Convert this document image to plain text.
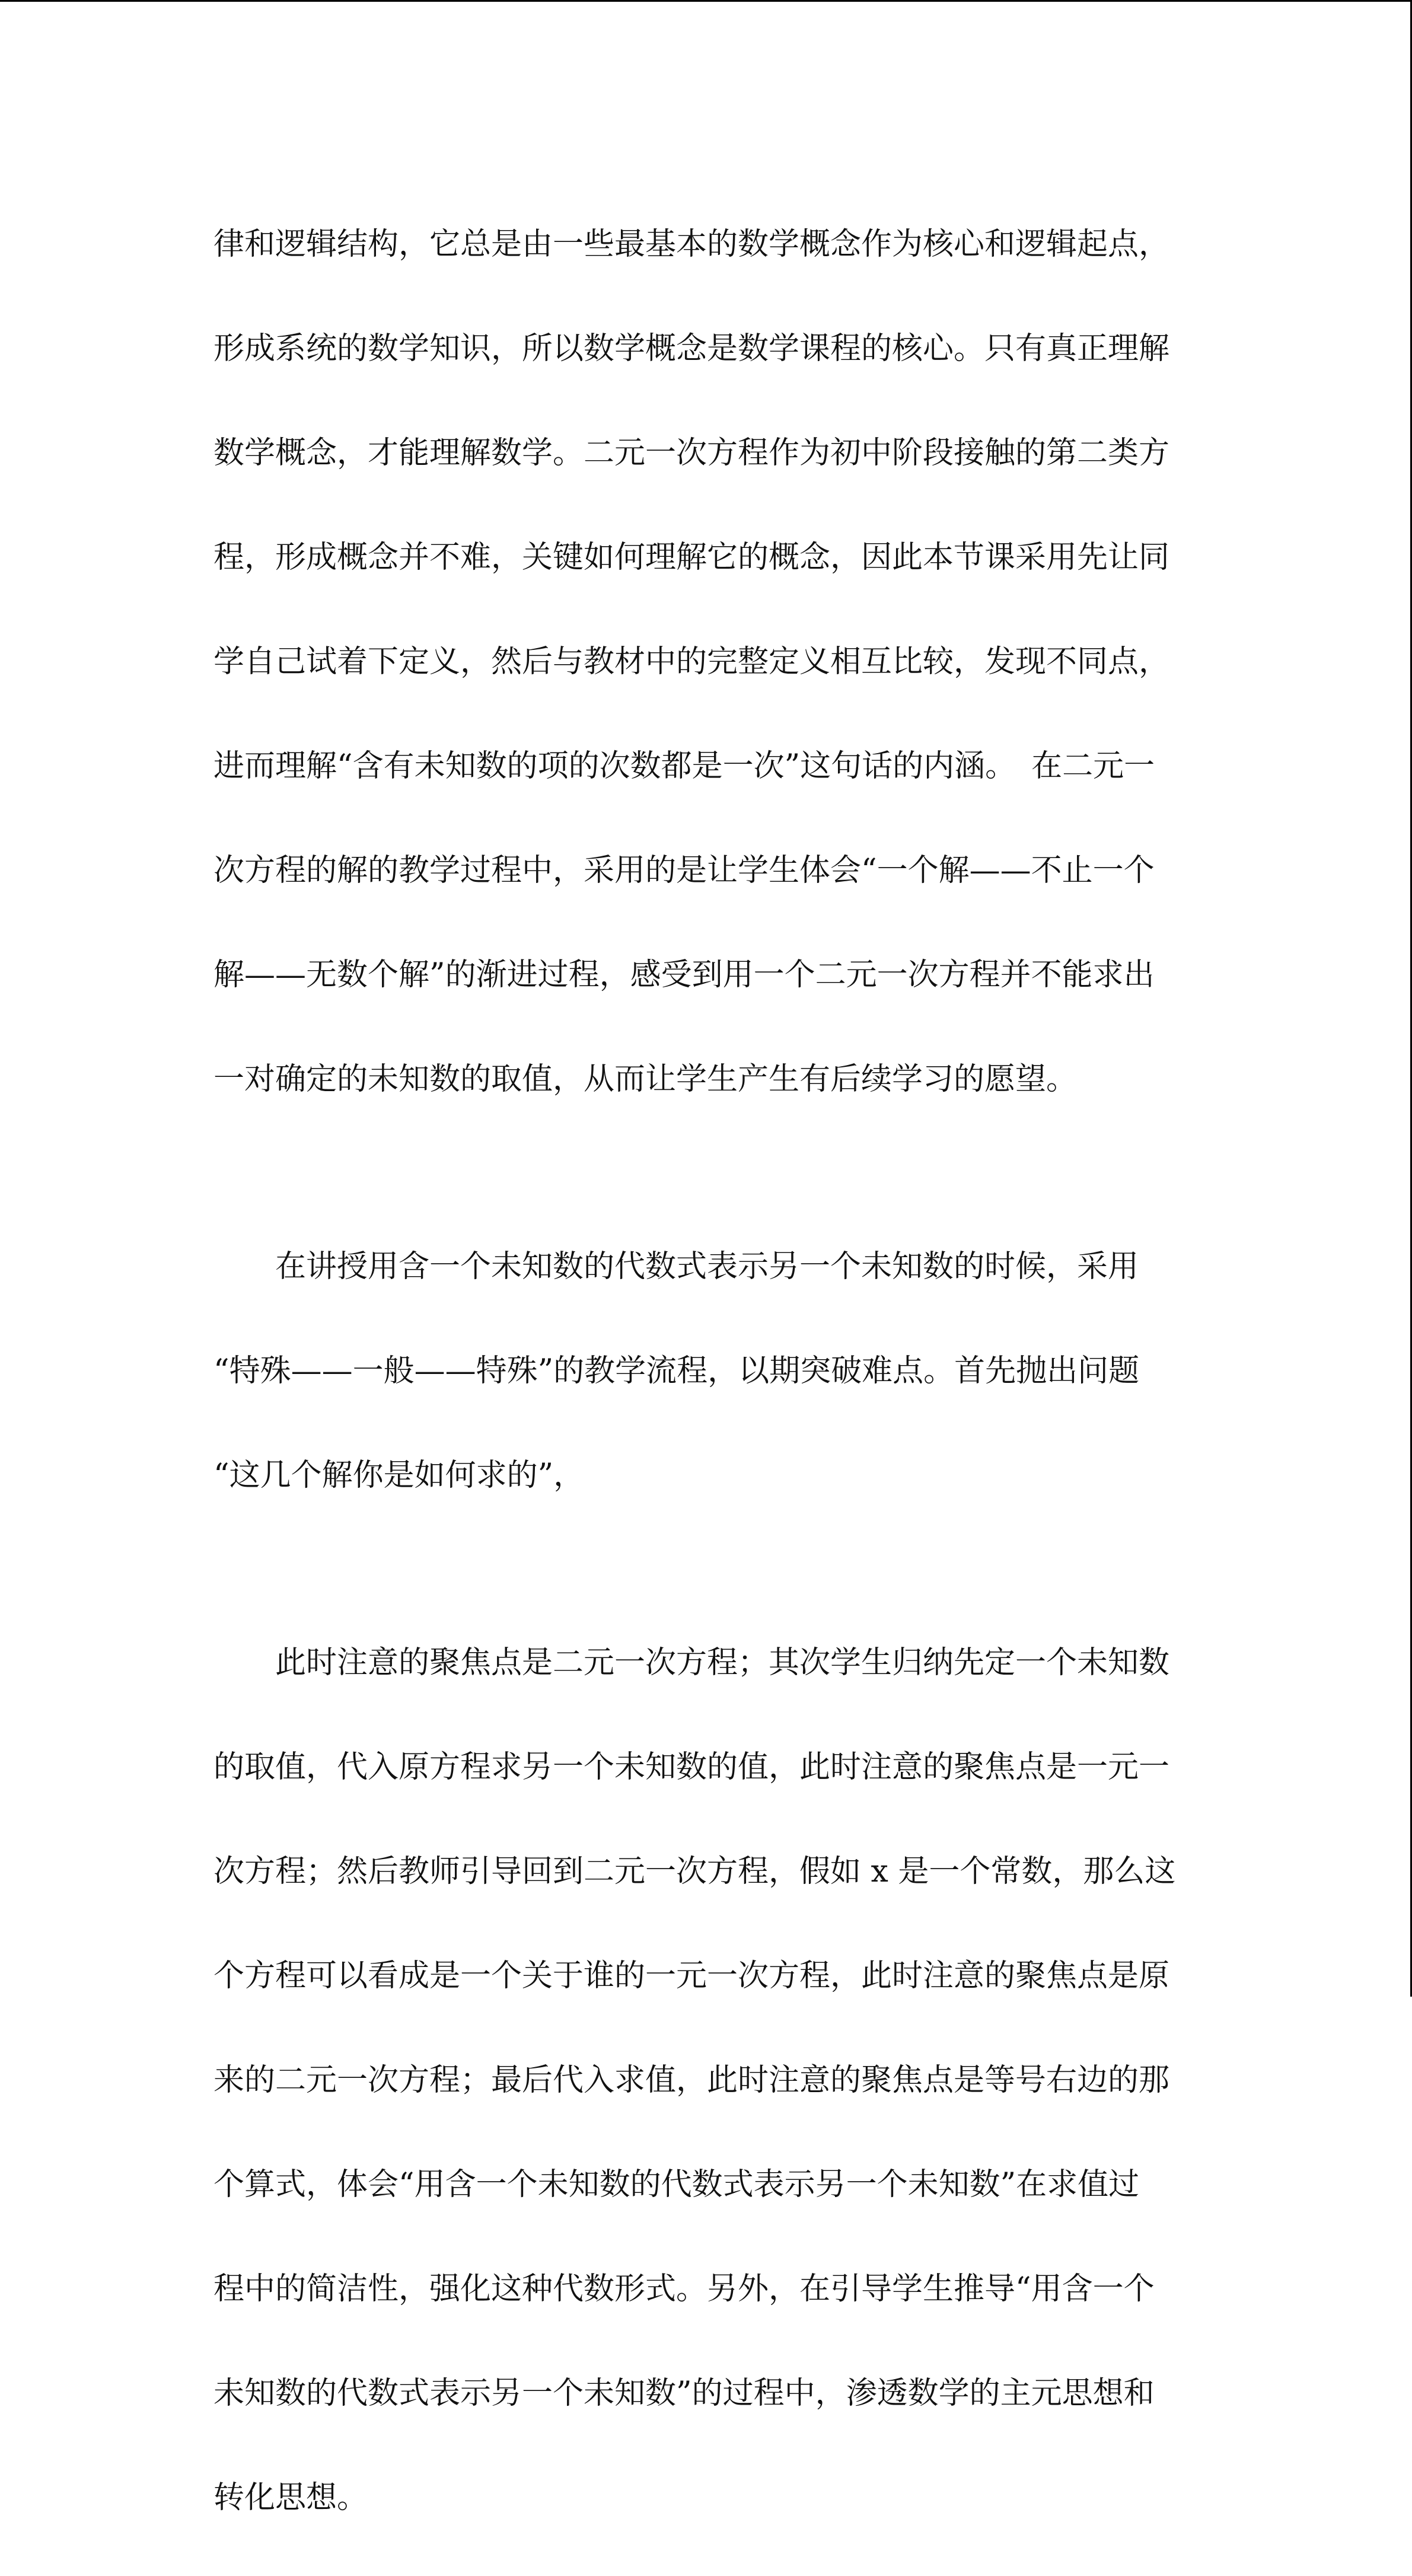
律和逻辑结构，它总是由一些最基本的数学概念作为核心和逻辑起点，

形成系统的数学知识，所以数学概念是数学课程的核心。只有真正理解

数学概念，才能理解数学。二元一次方程作为初中阶段接触的第二类方

程，形成概念并不难，关键如何理解它的概念，因此本节课采用先让同

学自己试着下定义，然后与教材中的完整定义相互比较，发现不同点，

进而理解“含有未知数的项的次数都是一次”这句话的内涵。　在二元一

次方程的解的教学过程中，采用的是让学生体会“一个解——不止一个

解——无数个解”的渐进过程，感受到用一个二元一次方程并不能求出

一对确定的未知数的取值，从而让学生产生有后续学习的愿望。

　　在讲授用含一个未知数的代数式表示另一个未知数的时候，采用

“特殊——一般——特殊”的教学流程，以期突破难点。首先抛出问题

“这几个解你是如何求的”，

　　此时注意的聚焦点是二元一次方程；其次学生归纳先定一个未知数

的取值，代入原方程求另一个未知数的值，此时注意的聚焦点是一元一

次方程；然后教师引导回到二元一次方程，假如 x 是一个常数，那么这

个方程可以看成是一个关于谁的一元一次方程，此时注意的聚焦点是原

来的二元一次方程；最后代入求值，此时注意的聚焦点是等号右边的那

个算式，体会“用含一个未知数的代数式表示另一个未知数”在求值过

程中的简洁性，强化这种代数形式。另外，在引导学生推导“用含一个

未知数的代数式表示另一个未知数”的过程中，渗透数学的主元思想和

转化思想。
